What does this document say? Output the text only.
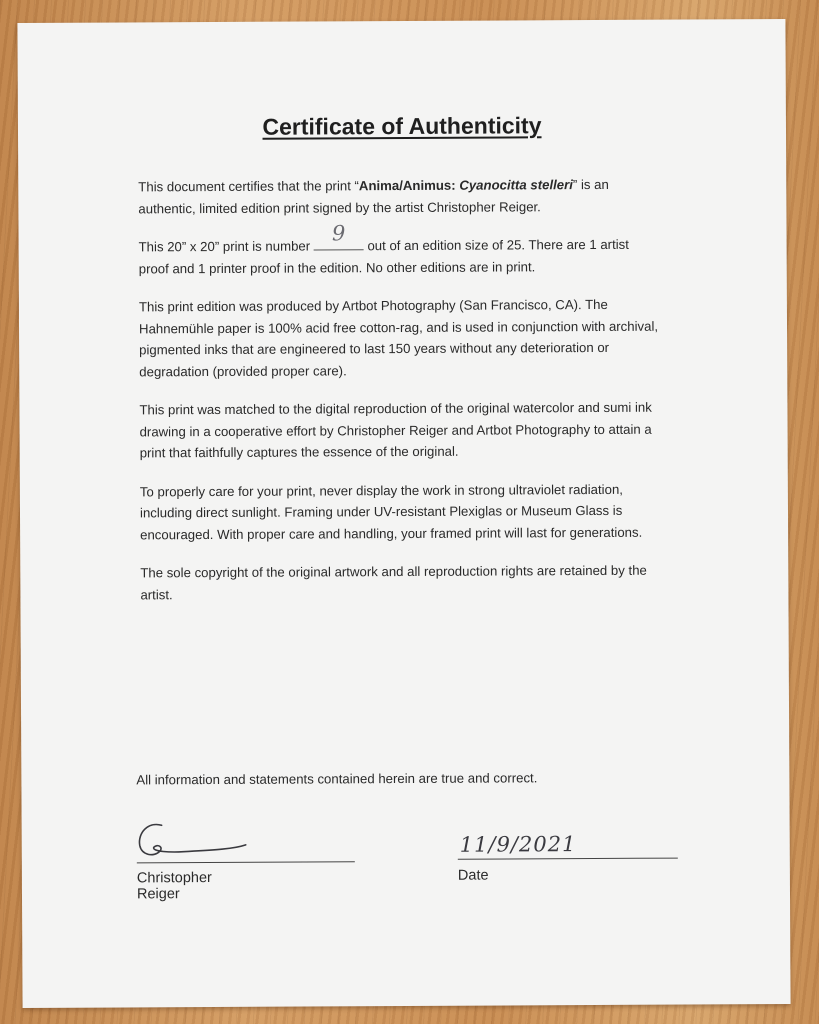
Certificate of Authenticity

This document certifies that the print “Anima/Animus: Cyanocitta stelleri” is an authentic, limited edition print signed by the artist Christopher Reiger.

This 20” x 20” print is number
9	out of an edition size of 25. There are 1 artist proof and 1 printer proof in the edition. No other editions are in print.

This print edition was produced by Artbot Photography (San Francisco, CA). The Hahnemühle paper is 100% acid free cotton-rag, and is used in conjunction with archival, pigmented inks that are engineered to last 150 years without any deterioration or degradation (provided proper care).

This print was matched to the digital reproduction of the original watercolor and sumi ink drawing in a cooperative effort by Christopher Reiger and Artbot Photography to attain a print that faithfully captures the essence of the original.

To properly care for your print, never display the work in strong ultraviolet radiation, including direct sunlight. Framing under UV-resistant Plexiglas or Museum Glass is encouraged. With proper care and handling, your framed print will last for generations.

The sole copyright of the original artwork and all reproduction rights are retained by the artist.

All information and statements contained herein are true and correct.
Christopher Reiger
11/9/2021
Date
